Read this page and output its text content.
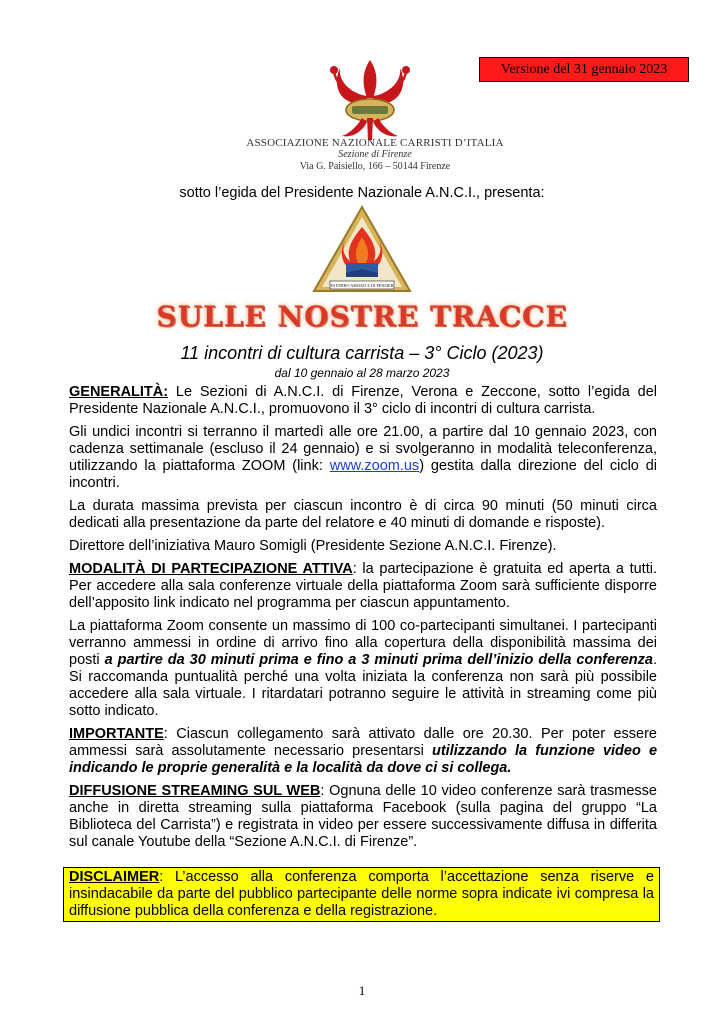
Versione del 31 gennaio 2023
ASSOCIAZIONE NAZIONALE CARRISTI D’ITALIA
Sezione di Firenze
Via G. Paisiello, 166 – 50144 Firenze
sotto l’egida del Presidente Nazionale A.N.C.I., presenta:
DI FERRO ARMATI E DI PENSIER
SULLE NOSTRE TRACCE
11 incontri di cultura carrista – 3° Ciclo (2023)
dal 10 gennaio al 28 marzo 2023

GENERALITÀ: Le Sezioni di A.N.C.I. di Firenze, Verona e Zeccone, sotto l’egida del Presidente Nazionale A.N.C.I., promuovono il 3° ciclo di incontri di cultura carrista.

Gli undici incontri si terranno il martedì alle ore 21.00, a partire dal 10 gennaio 2023, con cadenza settimanale (escluso il 24 gennaio) e si svolgeranno in modalità teleconferenza, utilizzando la piattaforma ZOOM (link: www.zoom.us) gestita dalla direzione del ciclo di incontri.

La durata massima prevista per ciascun incontro è di circa 90 minuti (50 minuti circa dedicati alla presentazione da parte del relatore e 40 minuti di domande e risposte).

Direttore dell’iniziativa Mauro Somigli (Presidente Sezione A.N.C.I. Firenze).

MODALITÀ DI PARTECIPAZIONE ATTIVA: la partecipazione è gratuita ed aperta a tutti. Per accedere alla sala conferenze virtuale della piattaforma Zoom sarà sufficiente disporre dell’apposito link indicato nel programma per ciascun appuntamento.

La piattaforma Zoom consente un massimo di 100 co-partecipanti simultanei. I partecipanti verranno ammessi in ordine di arrivo fino alla copertura della disponibilità massima dei posti a partire da 30 minuti prima e fino a 3 minuti prima dell’inizio della conferenza. Si raccomanda puntualità perché una volta iniziata la conferenza non sarà più possibile accedere alla sala virtuale. I ritardatari potranno seguire le attività in streaming come più sotto indicato.

IMPORTANTE: Ciascun collegamento sarà attivato dalle ore 20.30. Per poter essere ammessi sarà assolutamente necessario presentarsi utilizzando la funzione video e indicando le proprie generalità e la località da dove ci si collega.

DIFFUSIONE STREAMING SUL WEB: Ognuna delle 10 video conferenze sarà trasmesse anche in diretta streaming sulla piattaforma Facebook (sulla pagina del gruppo “La Biblioteca del Carrista”) e registrata in video per essere successivamente diffusa in differita sul canale Youtube della “Sezione A.N.C.I. di Firenze”.

DISCLAIMER: L’accesso alla conferenza comporta l’accettazione senza riserve e insindacabile da parte del pubblico partecipante delle norme sopra indicate ivi compresa la diffusione pubblica della conferenza e della registrazione.
1
